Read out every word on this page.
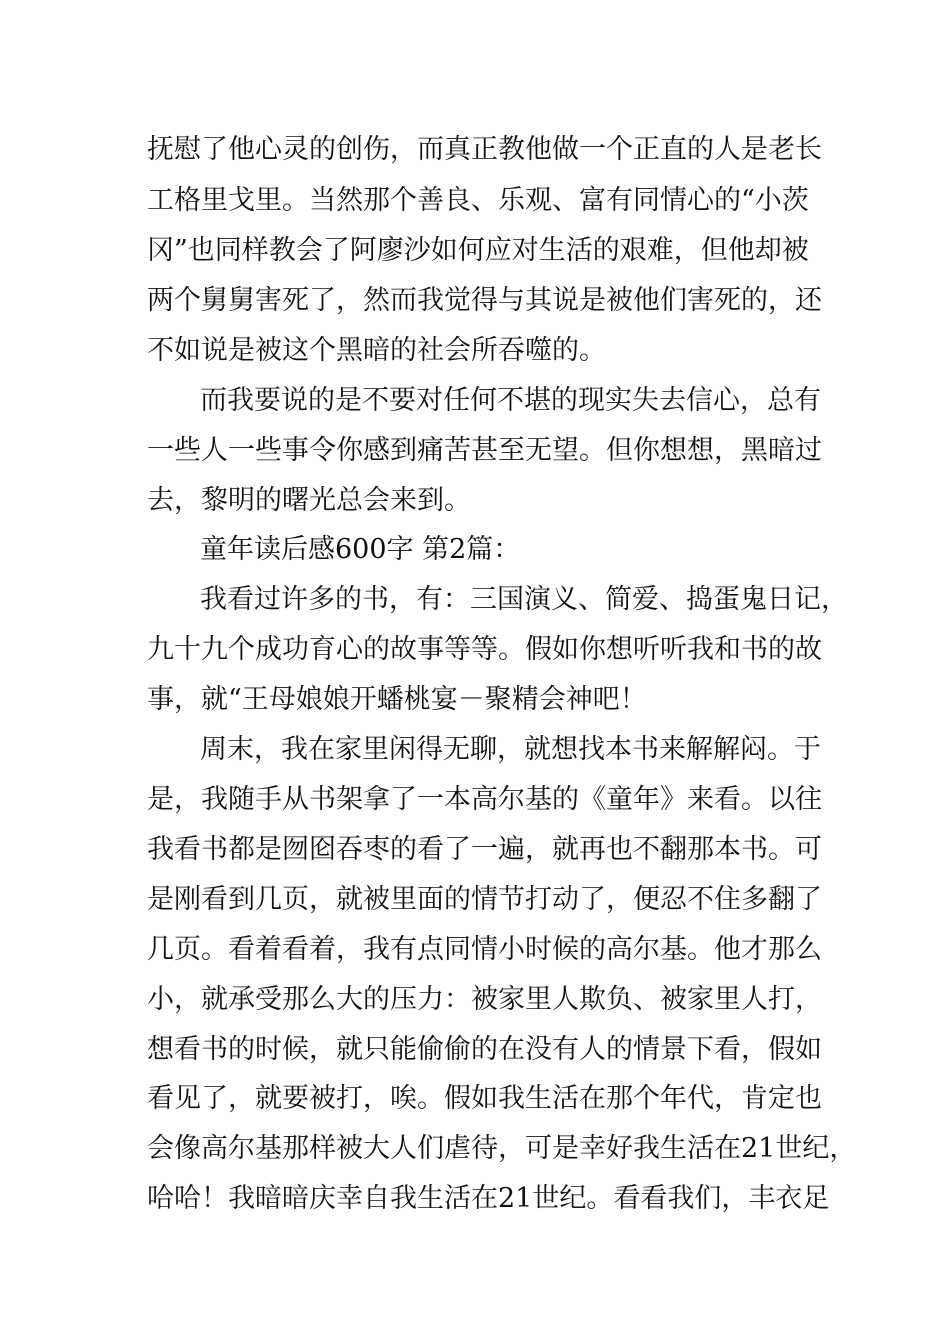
抚慰了他心灵的创伤，而真正教他做一个正直的人是老长
工格里戈里。当然那个善良、乐观、富有同情心的“小茨
冈”也同样教会了阿廖沙如何应对生活的艰难，但他却被
两个舅舅害死了，然而我觉得与其说是被他们害死的，还
不如说是被这个黑暗的社会所吞噬的。
而我要说的是不要对任何不堪的现实失去信心，总有
一些人一些事令你感到痛苦甚至无望。但你想想，黑暗过
去，黎明的曙光总会来到。
童年读后感600字 第2篇：
我看过许多的书，有：三国演义、简爱、捣蛋鬼日记，
九十九个成功育心的故事等等。假如你想听听我和书的故
事，就“王母娘娘开蟠桃宴－聚精会神吧！
周末，我在家里闲得无聊，就想找本书来解解闷。于
是，我随手从书架拿了一本高尔基的《童年》来看。以往
我看书都是囫囵吞枣的看了一遍，就再也不翻那本书。可
是刚看到几页，就被里面的情节打动了，便忍不住多翻了
几页。看着看着，我有点同情小时候的高尔基。他才那么
小，就承受那么大的压力：被家里人欺负、被家里人打，
想看书的时候，就只能偷偷的在没有人的情景下看，假如
看见了，就要被打，唉。假如我生活在那个年代，肯定也
会像高尔基那样被大人们虐待，可是幸好我生活在21世纪，
哈哈！我暗暗庆幸自我生活在21世纪。看看我们，丰衣足
